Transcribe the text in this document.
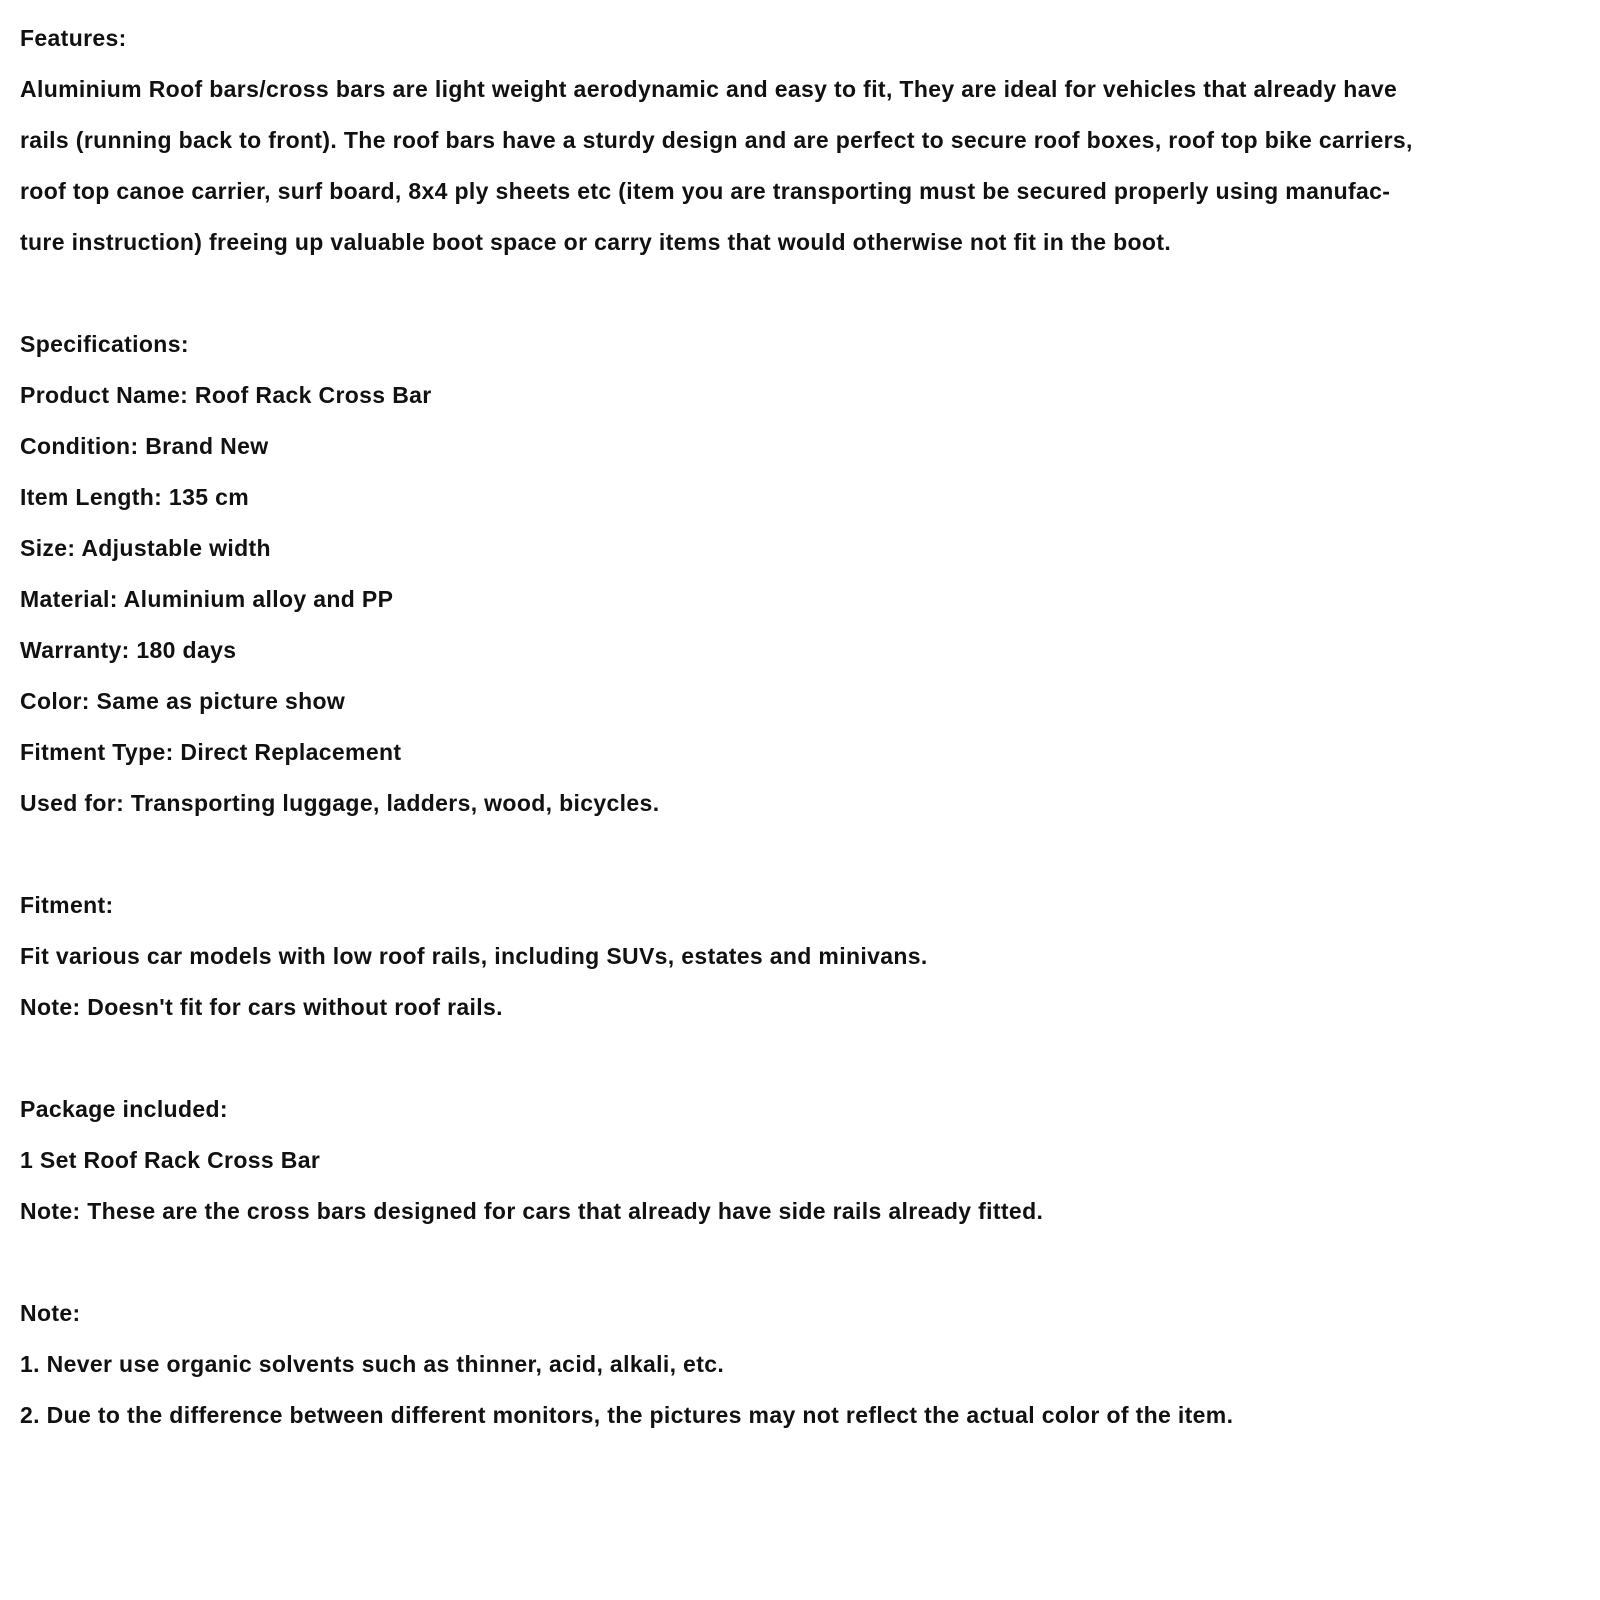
Features:
Aluminium Roof bars/cross bars are light weight aerodynamic and easy to fit, They are ideal for vehicles that already have
rails (running back to front). The roof bars have a sturdy design and are perfect to secure roof boxes, roof top bike carriers,
roof top canoe carrier, surf board, 8x4 ply sheets etc (item you are transporting must be secured properly using manufac-
ture instruction) freeing up valuable boot space or carry items that would otherwise not fit in the boot.
Specifications:
Product Name: Roof Rack Cross Bar
Condition: Brand New
Item Length: 135 cm
Size: Adjustable width
Material: Aluminium alloy and PP
Warranty: 180 days
Color: Same as picture show
Fitment Type: Direct Replacement
Used for: Transporting luggage, ladders, wood, bicycles.
Fitment:
Fit various car models with low roof rails, including SUVs, estates and minivans.
Note: Doesn't fit for cars without roof rails.
Package included:
1 Set Roof Rack Cross Bar
Note: These are the cross bars designed for cars that already have side rails already fitted.
Note:
1. Never use organic solvents such as thinner, acid, alkali, etc.
2. Due to the difference between different monitors, the pictures may not reflect the actual color of the item.
